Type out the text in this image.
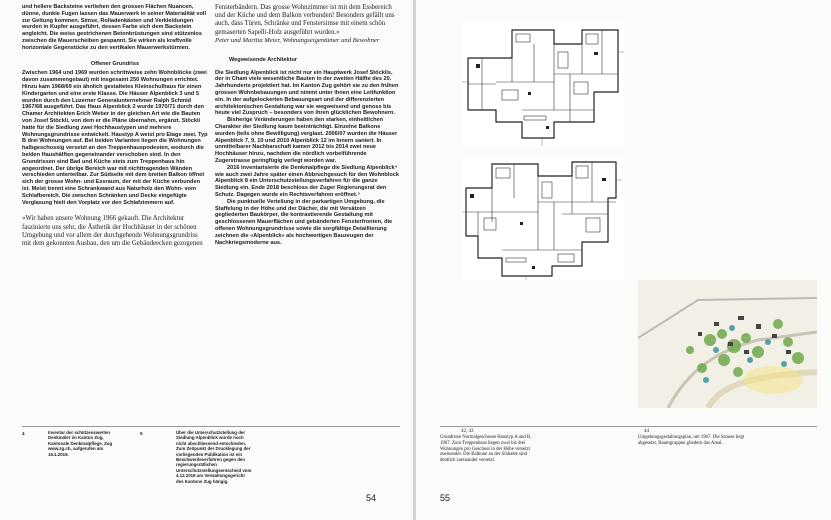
und hellere Backsteine verliehen den grossen Flächen Nuancen, dünne, dunkle Fugen lassen das Mauerwerk in seiner Materialität voll zur Geltung kommen. Simse, Rolladenkästen und Verkleidungen wurden in Kupfer ausgeführt, dessen Farbe sich dem Backstein angleicht. Die weiss gestrichenen Betonbrüstungen sind stützenlos zwischen die Mauerscheiben gespannt. Sie wirken als kraftvolle horizontale Gegenstücke zu den vertikalen Mauerwerkstürmen.

Offener Grundriss

Zwischen 1964 und 1969 wurden schrittweise zehn Wohnblöcke (zwei davon zusammengebaut) mit insgesamt 250 Wohnungen errichtet. Hinzu kam 1968/69 ein ähnlich gestaltetes Kleinschulhaus für einen Kindergarten und eine erste Klasse. Die Häuser Alpenblick 3 und 5 wurden durch den Luzerner Generalunternehmer Ralph Schmid 1967/68 ausgeführt. Das Haus Alpenblick 2 wurde 1970/71 durch den Chamer Architekten Erich Weber in der gleichen Art wie die Bauten von Josef Stöckli, von dem er die Pläne übernahm, ergänzt. Stöckli hatte für die Siedlung zwei Hochhaustypen und mehrere Wohnungsgrundrisse entwickelt. Haustyp A weist pro Etage zwei, Typ B drei Wohnungen auf. Bei beiden Varianten liegen die Wohnungen halbgeschossig versetzt an den Treppenhauspodesten, wodurch die beiden Haushälften gegeneinander verschoben sind. In den Grundrissen sind Bad und Küche stets zum Treppenhaus hin angeordnet. Der übrige Bereich war mit nichttragenden Wänden verschieden unterteilbar. Zur Südseite mit dem breiten Balkon öffnet sich der grosse Wohn- und Essraum, der mit der Küche verbunden ist. Meist trennt eine Schrankwand aus Naturholz den Wohn- vom Schlafbereich. Die zwischen Schränken und Decke eingefügte Verglasung hielt den Vorplatz vor den Schlafzimmern auf.

«Wir haben unsere Wohnung 1966 gekauft. Die Architektur faszinierte uns sehr, die Ästhetik der Hochhäuser in der schönen Umgebung und vor allem der durchgehende Wohnungsgrundriss mit dem gekonnten Ausbau, den um die Gebäudeecken gezogenen

Fensterbändern. Das grosse Wohnzimmer ist mit dem Essbereich und der Küche und dem Balkon verbunden! Besonders gefällt uns auch, dass Türen, Schränke und Fenstersimse mit einem schön gemaserten Sapelli-Holz ausgeführt wurden.»

Peter und Marttia Meier, Wohnungseigentümer und Bewohner

Wegweisende Architektur

Die Siedlung Alpenblick ist nicht nur ein Hauptwerk Josef Stöcklis, der in Cham viele wesentliche Bauten in der zweiten Hälfte des 20. Jahrhunderts projektiert hat. Im Kanton Zug gehört sie zu den frühen grossen Wohnbebauungen und nimmt unter ihnen eine Leitfunktion ein. In der aufgelockerten Bebauungsart und der differenzierten architektonischen Gestaltung war sie wegweisend und genoss bis heute viel Zuspruch – besonders von ihren glücklichen Bewohnern.

Bisherige Veränderungen haben den starken, einheitlichen Charakter der Siedlung kaum beeinträchtigt. Einzelne Balkone wurden (teils ohne Bewilligung) verglast. 2006/07 wurden die Häuser Alpenblick 7, 9, 10 und 2010 Alpenblick 12 im Innern saniert. In unmittelbarer Nachbarschaft kamen 2012 bis 2014 zwei neue Hochhäuser hinzu, nachdem die nördlich vorbeiführende Zugerstrasse geringfügig verlegt worden war.

2016 inventarisierte die Denkmalpflege die Siedlung Alpenblick⁴ wie auch zwei Jahre später einen Abbruchgesuch für den Wohnblock Alpenblick 8 ein Unterschutzstellungsverfahren für die ganze Siedlung ein. Ende 2018 beschloss der Zuger Regierungsrat den Schutz. Dagegen wurde ein Rechtsverfahren eröffnet.⁵

Die punktuelle Verteilung in der parkartigen Umgebung, die Staffelung in der Höhe und der Dächer, die mit Versätzen gegliederten Baukörper, die kontrastierende Gestaltung mit geschlossenen Mauerflächen und gebänderten Fensterfronten, die offenen Wohnungsgrundrisse sowie die sorgfältige Detaillierung zeichnen die «Alpenblick» als hochwertigen Bauzeugen der Nachkriegsmoderne aus.

4	Inventar der schützenswerten Denkmäler im Kanton Zug, Kantonale Denkmalpflege, Zug www.zg.ch, aufgerufen am 16.1.2019.
5	Über die Unterschutzstellung der Siedlung Alpenblick wurde noch nicht abschliessend entschieden. Zum Zeitpunkt der Drucklegung der vorliegenden Publikation ist ein Beschwerdeverfahren gegen den regierungsrätlichen Unterschutzstellungsentscheid vom 4.12.2018 am Verwaltungsgericht des Kantons Zug hängig.
54	55
42, 43
Grundrisse Normalgeschosse Haustyp A und B, 1967. Zum Treppenhaus liegen zwei bis drei Wohnungen pro Geschoss in der Höhe versetzt zueinander. Die Balkone an der Südseite sind deutlich zueinander versetzt.
44
Umgebungsgestaltungsplan, um 1967. Die Strasse liegt abgesetzt, Baumgruppen gliedern das Areal.
